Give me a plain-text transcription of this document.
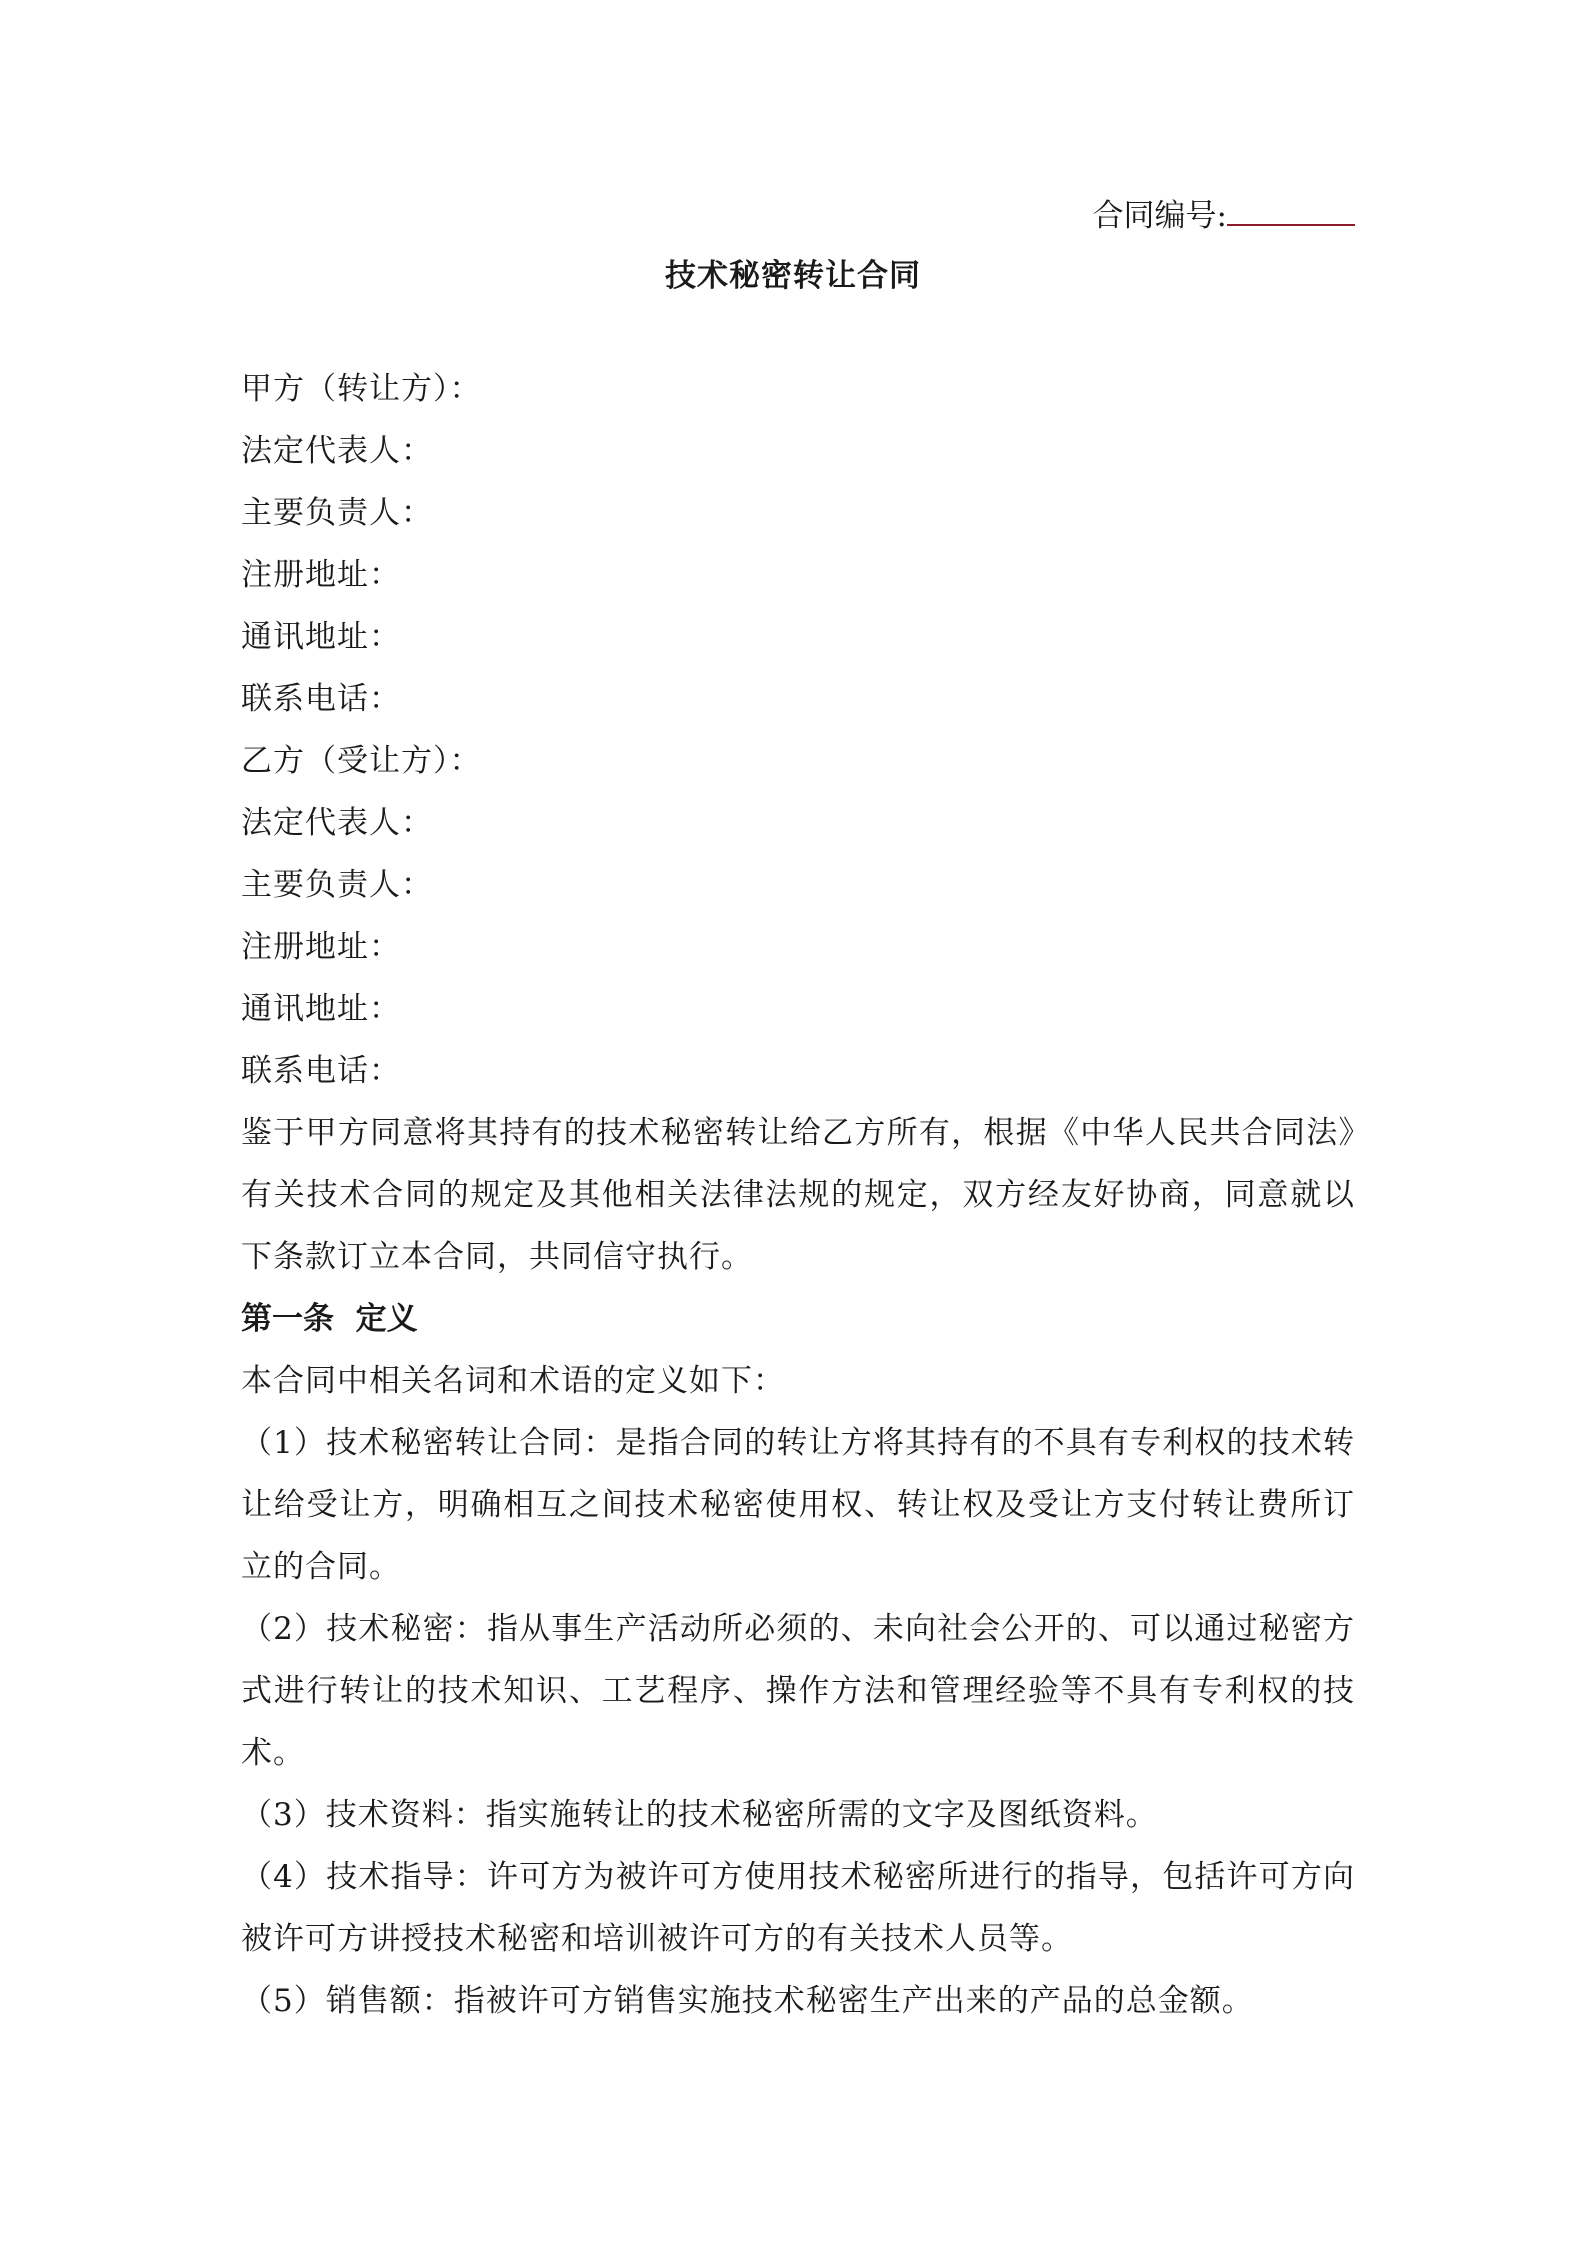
合同编号:
技术秘密转让合同
甲方（转让方）：
法定代表人：
主要负责人：
注册地址：
通讯地址：
联系电话：
乙方（受让方）：
法定代表人：
主要负责人：
注册地址：
通讯地址：
联系电话：
鉴于甲方同意将其持有的技术秘密转让给乙方所有，根据《中华人民共合同法》有关技术合同的规定及其他相关法律法规的规定，双方经友好协商，同意就以下条款订立本合同，共同信守执行。
第一条  定义
本合同中相关名词和术语的定义如下：
（1）技术秘密转让合同：是指合同的转让方将其持有的不具有专利权的技术转让给受让方，明确相互之间技术秘密使用权、转让权及受让方支付转让费所订立的合同。
（2）技术秘密：指从事生产活动所必须的、未向社会公开的、可以通过秘密方式进行转让的技术知识、工艺程序、操作方法和管理经验等不具有专利权的技术。
（3）技术资料：指实施转让的技术秘密所需的文字及图纸资料。
（4）技术指导：许可方为被许可方使用技术秘密所进行的指导，包括许可方向被许可方讲授技术秘密和培训被许可方的有关技术人员等。
（5）销售额：指被许可方销售实施技术秘密生产出来的产品的总金额。
